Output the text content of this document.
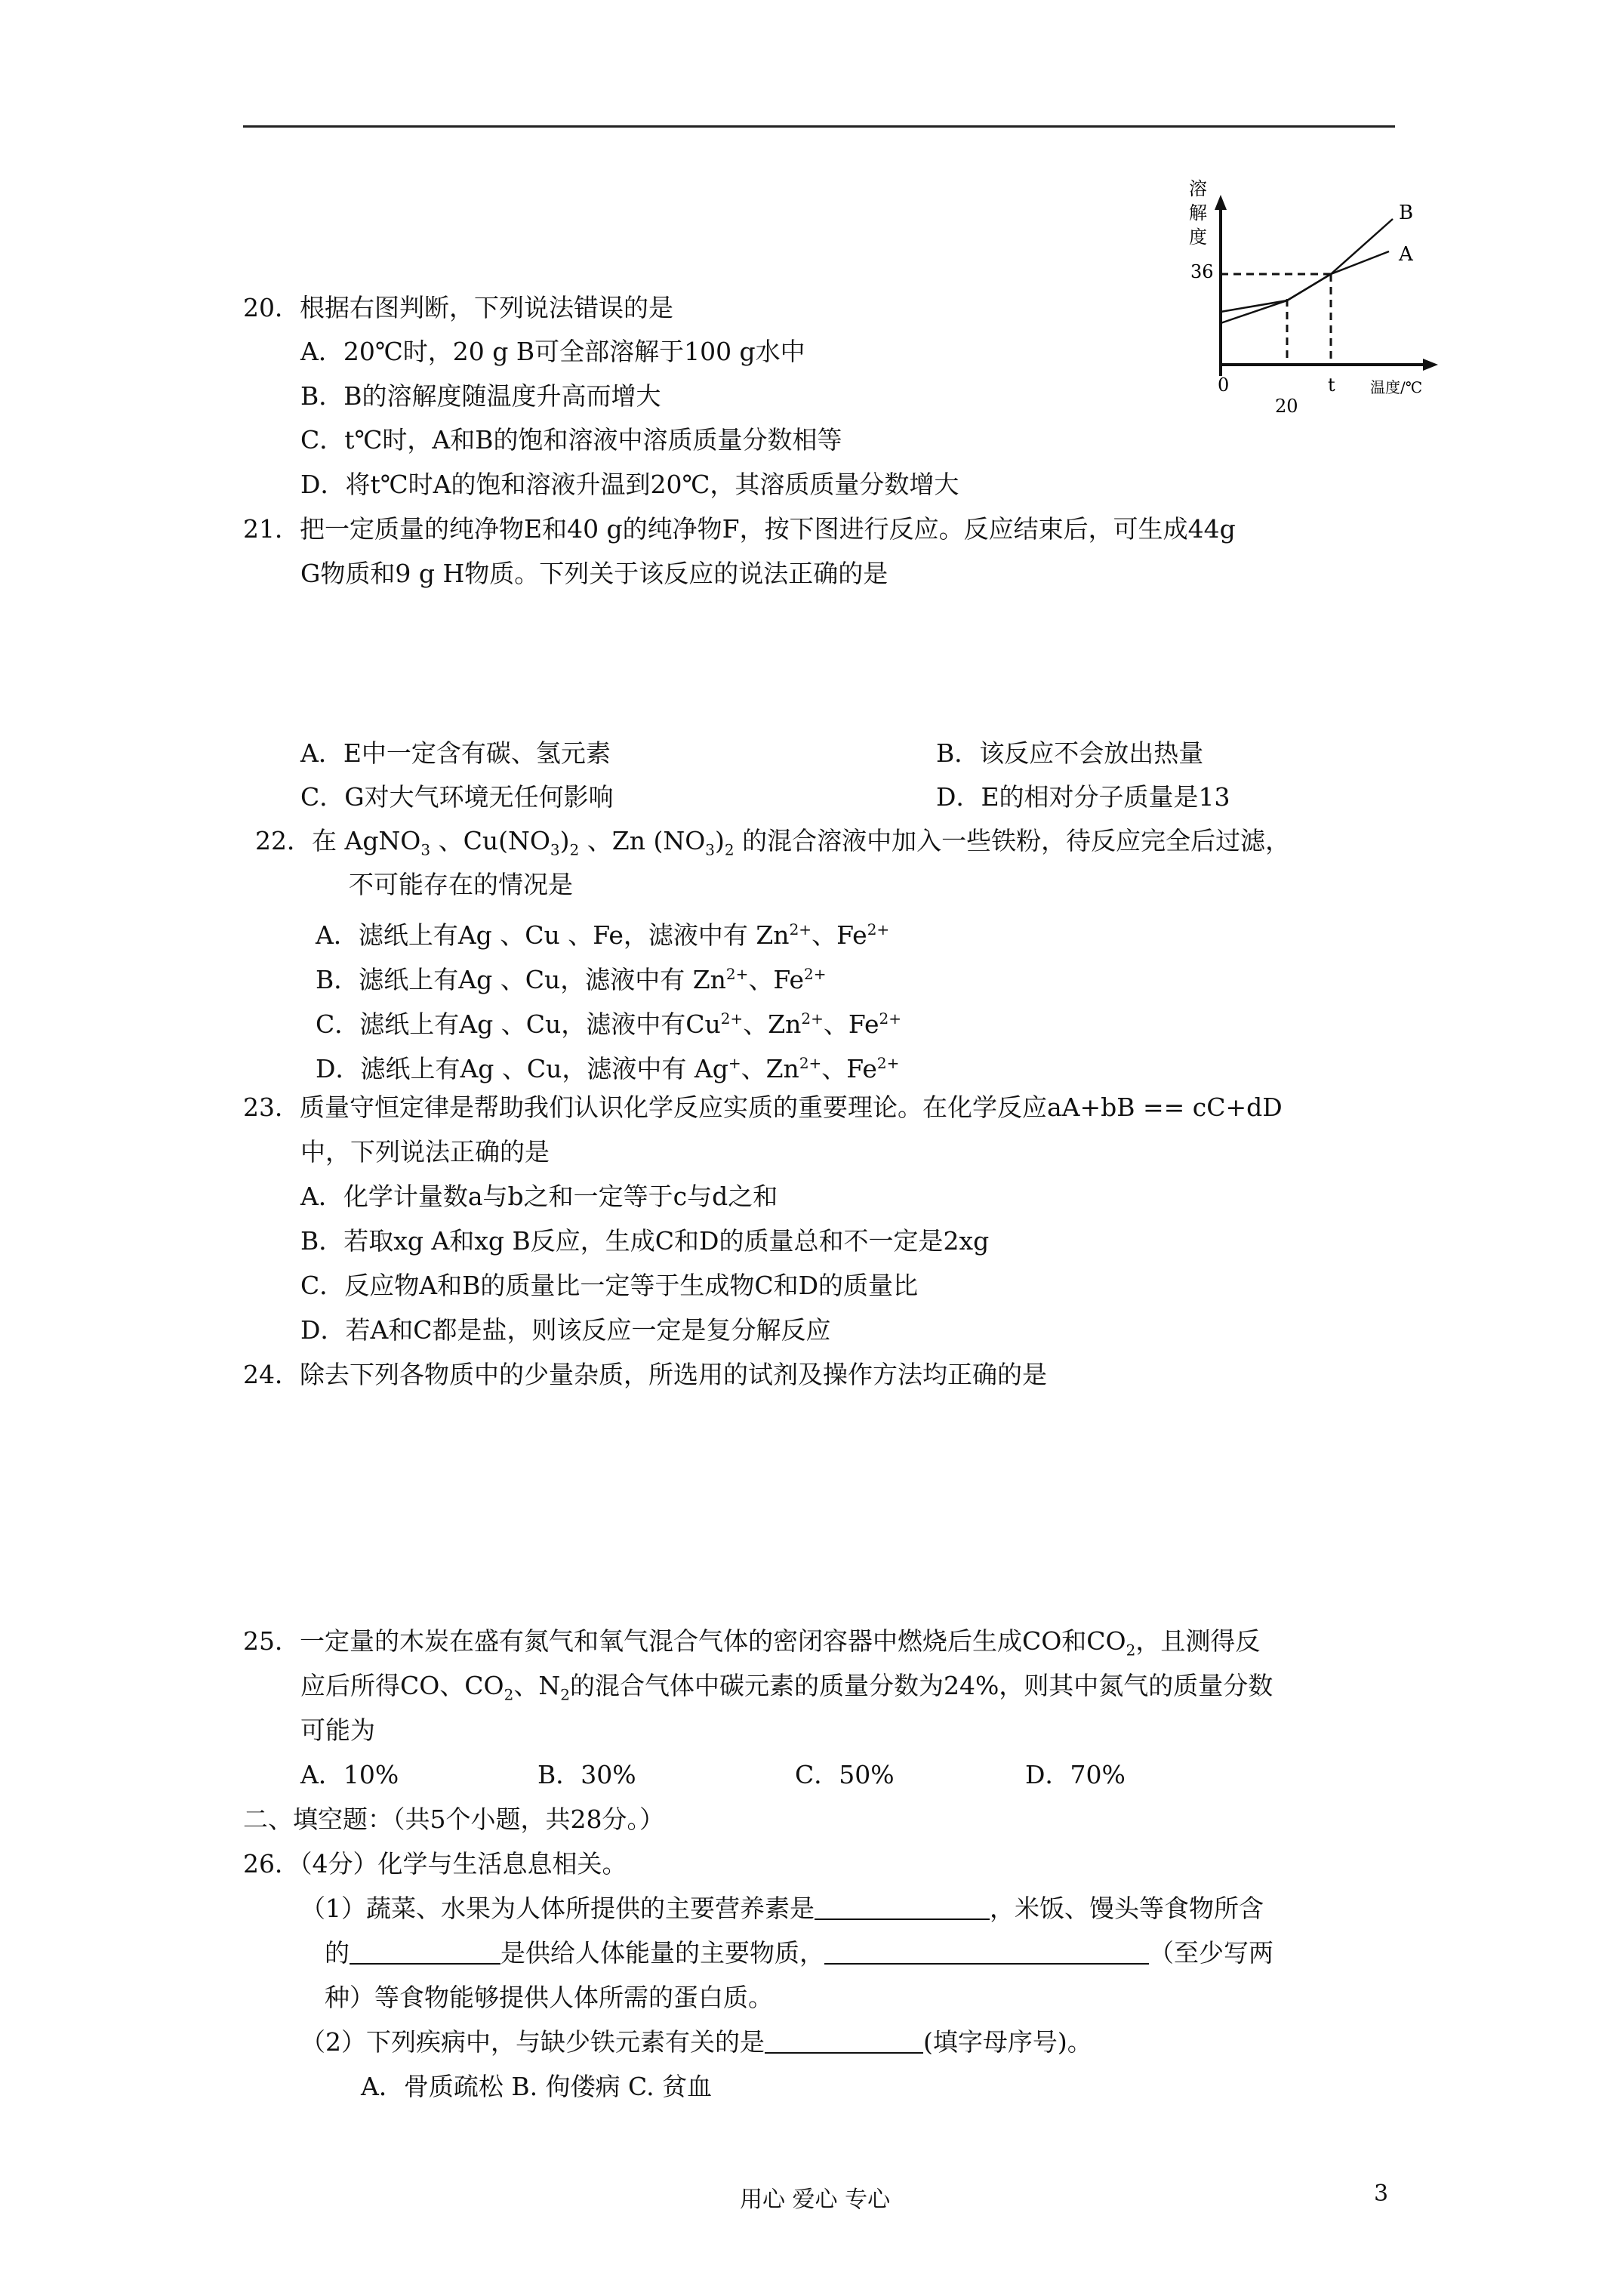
溶
解
度
B
A
36
0
20
t 温度/℃
20．根据右图判断，下列说法错误的是
A．20℃时，20 g B可全部溶解于100 g水中
B．B的溶解度随温度升高而增大
C．t℃时，A和B的饱和溶液中溶质质量分数相等
D．将t℃时A的饱和溶液升温到20℃，其溶质质量分数增大
21．把一定质量的纯净物E和40 g的纯净物F，按下图进行反应。反应结束后，可生成44g
G物质和9 g H物质。下列关于该反应的说法正确的是
A．E中一定含有碳、氢元素	B．该反应不会放出热量
C．G对大气环境无任何影响	D．E的相对分子质量是13
22．在 AgNO$_3$ 、$Cu(NO_3)_2$ 、Zn $(NO_3)_2$ 的混合溶液中加入一些铁粉，待反应完全后过滤，
不可能存在的情况是
A．滤纸上有Ag 、Cu 、Fe，滤液中有 $Zn^{2+}$、$Fe^{2+}$
B．滤纸上有Ag 、Cu，滤液中有 $Zn^{2+}$、$Fe^{2+}$
C．滤纸上有Ag 、Cu，滤液中有$Cu^{2+}$、$Zn^{2+}$、$Fe^{2+}$
D．滤纸上有Ag 、Cu，滤液中有 Ag+、$Zn^{2+}$、$Fe^{2+}$
23．质量守恒定律是帮助我们认识化学反应实质的重要理论。在化学反应aA+bB == cC+dD
中，下列说法正确的是
A．化学计量数a与b之和一定等于c与d之和
B．若取xg A和xg B反应，生成C和D的质量总和不一定是2xg
C．反应物A和B的质量比一定等于生成物C和D的质量比
D．若A和C都是盐，则该反应一定是复分解反应
24．除去下列各物质中的少量杂质，所选用的试剂及操作方法均正确的是
25．一定量的木炭在盛有氮气和氧气混合气体的密闭容器中燃烧后生成CO和$CO_2$，且测得反
应后所得CO、$CO_2$、$N_2$的混合气体中碳元素的质量分数为24%，则其中氮气的质量分数
可能为
A．10%	B．30%	C．50%	D．70%
二、填空题：（共5个小题，共28分。）
26．（4分）化学与生活息息相关。
（1）蔬菜、水果为人体所提供的主要营养素是	，米饭、馒头等食物所含
的	是供给人体能量的主要物质，	（至少写两
种）等食物能够提供人体所需的蛋白质。
（2）下列疾病中，与缺少铁元素有关的是	(填字母序号)。
A．骨质疏松 B. 佝偻病 C. 贫血
用心 爱心 专心	3
